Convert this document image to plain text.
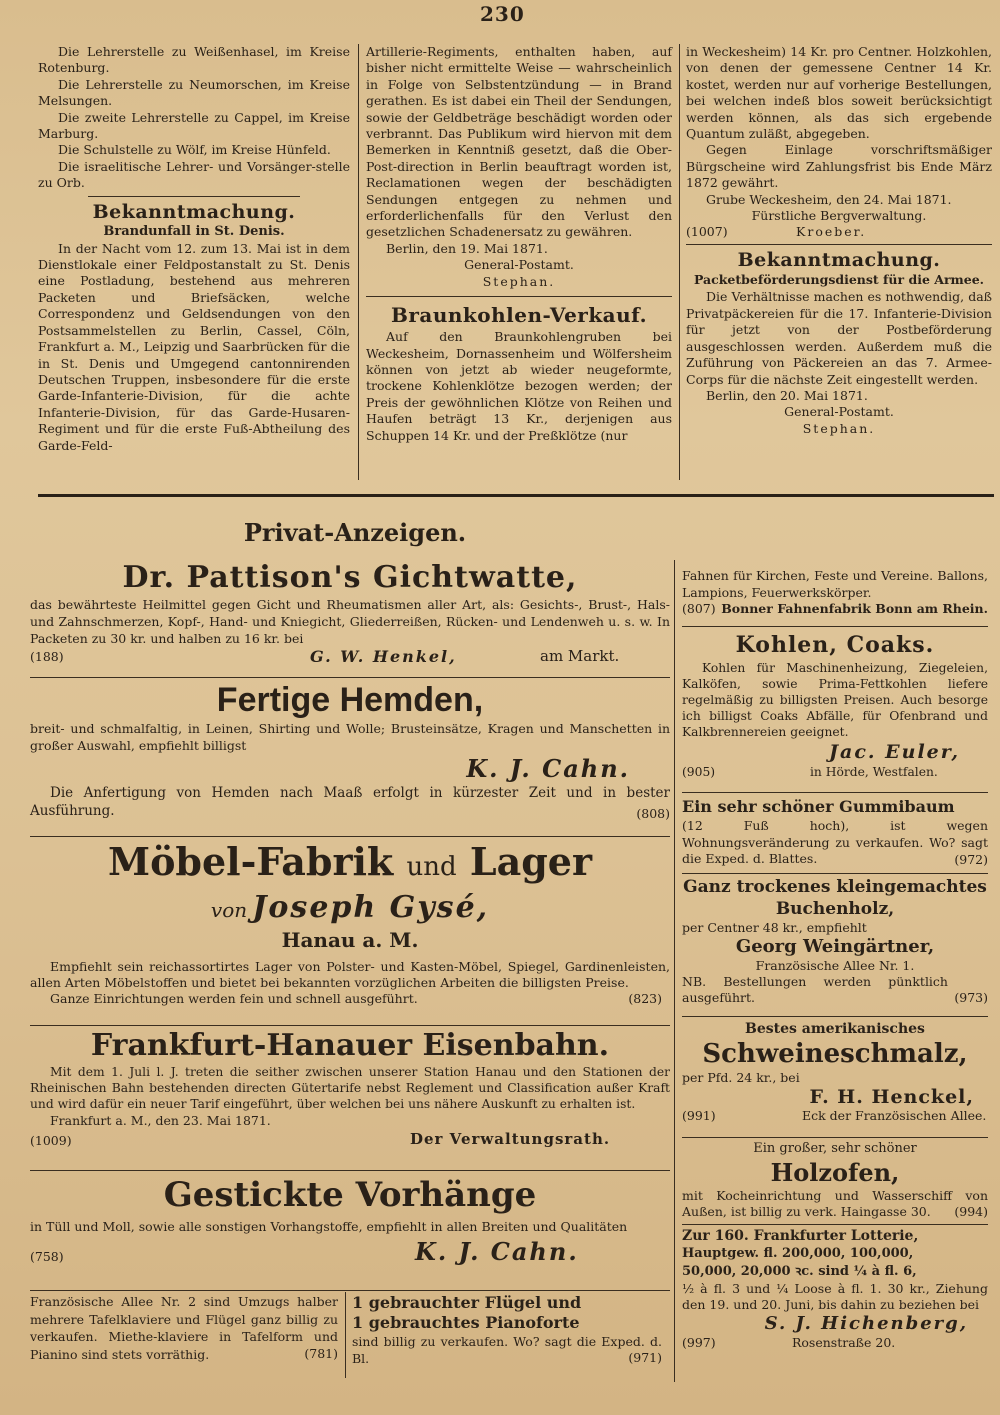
230
Die Lehrerstelle zu Weißenhasel, im Kreise Rotenburg.
Die Lehrerstelle zu Neumorschen, im Kreise Melsungen.
Die zweite Lehrerstelle zu Cappel, im Kreise Marburg.
Die Schulstelle zu Wölf, im Kreise Hünfeld.
Die israelitische Lehrer- und Vorsänger-stelle zu Orb.
Bekanntmachung.
Brandunfall in St. Denis.
In der Nacht vom 12. zum 13. Mai ist in dem Dienstlokale einer Feldpostanstalt zu St. Denis eine Postladung, bestehend aus mehreren Packeten und Briefsäcken, welche Correspondenz und Geldsendungen von den Postsammelstellen zu Berlin, Cassel, Cöln, Frankfurt a. M., Leipzig und Saarbrücken für die in St. Denis und Umgegend cantonnirenden Deutschen Truppen, insbesondere für die erste Garde-Infanterie-Division, für die achte Infanterie-Division, für das Garde-Husaren-Regiment und für die erste Fuß-Abtheilung des Garde-Feld-
Artillerie-Regiments, enthalten haben, auf bisher nicht ermittelte Weise — wahrscheinlich in Folge von Selbstentzündung — in Brand gerathen. Es ist dabei ein Theil der Sendungen, sowie der Geldbeträge beschädigt worden oder verbrannt. Das Publikum wird hiervon mit dem Bemerken in Kenntniß gesetzt, daß die Ober-Post-direction in Berlin beauftragt worden ist, Reclamationen wegen der beschädigten Sendungen entgegen zu nehmen und erforderlichenfalls für den Verlust den gesetzlichen Schadenersatz zu gewähren.
Berlin, den 19. Mai 1871.
General-Postamt.
Stephan.
Braunkohlen-Verkauf.
Auf den Braunkohlengruben bei Weckesheim, Dornassenheim und Wölfersheim können von jetzt ab wieder neugeformte, trockene Kohlenklötze bezogen werden; der Preis der gewöhnlichen Klötze von Reihen und Haufen beträgt 13 Kr., derjenigen aus Schuppen 14 Kr. und der Preßklötze (nur
in Weckesheim) 14 Kr. pro Centner. Holzkohlen, von denen der gemessene Centner 14 Kr. kostet, werden nur auf vorherige Bestellungen, bei welchen indeß blos soweit berücksichtigt werden können, als das sich ergebende Quantum zuläßt, abgegeben.
Gegen Einlage vorschriftsmäßiger Bürgscheine wird Zahlungsfrist bis Ende März 1872 gewährt.
Grube Weckesheim, den 24. Mai 1871.
Fürstliche Bergverwaltung.
(1007)	Kroeber.
Bekanntmachung.
Packetbeförderungsdienst für die Armee.
Die Verhältnisse machen es nothwendig, daß Privatpäckereien für die 17. Infanterie-Division für jetzt von der Postbeförderung ausgeschlossen werden. Außerdem muß die Zuführung von Päckereien an das 7. Armee-Corps für die nächste Zeit eingestellt werden.
Berlin, den 20. Mai 1871.
General-Postamt.
Stephan.
Privat-Anzeigen.
Dr. Pattison's Gichtwatte,
das bewährteste Heilmittel gegen Gicht und Rheumatismen aller Art, als: Gesichts-, Brust-, Hals- und Zahnschmerzen, Kopf-, Hand- und Kniegicht, Gliederreißen, Rücken- und Lendenweh u. s. w. In Packeten zu 30 kr. und halben zu 16 kr. bei
(188)	G. W. Henkel,	am Markt.
Fertige Hemden,
breit- und schmalfaltig, in Leinen, Shirting und Wolle; Brusteinsätze, Kragen und Manschetten in großer Auswahl, empfiehlt billigst
K. J. Cahn.
Die Anfertigung von Hemden nach Maaß erfolgt in kürzester Zeit und in bester Ausführung.	(808)
Möbel-Fabrik und Lager
von Joseph Gysé,
Hanau a. M.
Empfiehlt sein reichassortirtes Lager von Polster- und Kasten-Möbel, Spiegel, Gardinenleisten, allen Arten Möbelstoffen und bietet bei bekannten vorzüglichen Arbeiten die billigsten Preise.
Ganze Einrichtungen werden fein und schnell ausgeführt.	(823)
Frankfurt-Hanauer Eisenbahn.
Mit dem 1. Juli l. J. treten die seither zwischen unserer Station Hanau und den Stationen der Rheinischen Bahn bestehenden directen Gütertarife nebst Reglement und Classification außer Kraft und wird dafür ein neuer Tarif eingeführt, über welchen bei uns nähere Auskunft zu erhalten ist.
Frankfurt a. M., den 23. Mai 1871.
(1009)	Der Verwaltungsrath.
Gestickte Vorhänge
in Tüll und Moll, sowie alle sonstigen Vorhangstoffe, empfiehlt in allen Breiten und Qualitäten
(758)	K. J. Cahn.
Französische Allee Nr. 2 sind Umzugs halber mehrere Tafelklaviere und Flügel ganz billig zu verkaufen. Miethe-klaviere in Tafelform und Pianino sind stets vorräthig.	(781)
1 gebrauchter Flügel und
1 gebrauchtes Pianoforte
sind billig zu verkaufen. Wo? sagt die Exped. d. Bl.	(971)
Fahnen für Kirchen, Feste und Vereine. Ballons, Lampions, Feuerwerkskörper.
(807) Bonner Fahnenfabrik Bonn am Rhein.
Kohlen, Coaks.
Kohlen für Maschinenheizung, Ziegeleien, Kalköfen, sowie Prima-Fettkohlen liefere regelmäßig zu billigsten Preisen. Auch besorge ich billigst Coaks Abfälle, für Ofenbrand und Kalkbrennereien geeignet.
Jac. Euler,
(905)	in Hörde, Westfalen.
Ein sehr schöner Gummibaum
(12 Fuß hoch), ist wegen Wohnungsveränderung zu verkaufen. Wo? sagt die Exped. d. Blattes.	(972)
Ganz trockenes kleingemachtes Buchenholz,
per Centner 48 kr., empfiehlt
Georg Weingärtner,
Französische Allee Nr. 1.
NB. Bestellungen werden pünktlich ausgeführt.	(973)
Bestes amerikanisches
Schweineschmalz,
per Pfd. 24 kr., bei
F. H. Henckel,
(991)	Eck der Französischen Allee.
Ein großer, sehr schöner
Holzofen,
mit Kocheinrichtung und Wasserschiff von Außen, ist billig zu verk. Haingasse 30.	(994)
Zur 160. Frankfurter Lotterie,
Hauptgew. fl. 200,000, 100,000,
50,000, 20,000 ꝛc. sind ¼ à fl. 6,
½ à fl. 3 und ¼ Loose à fl. 1. 30 kr., Ziehung den 19. und 20. Juni, bis dahin zu beziehen bei
S. J. Hichenberg,
(997)	Rosenstraße 20.
